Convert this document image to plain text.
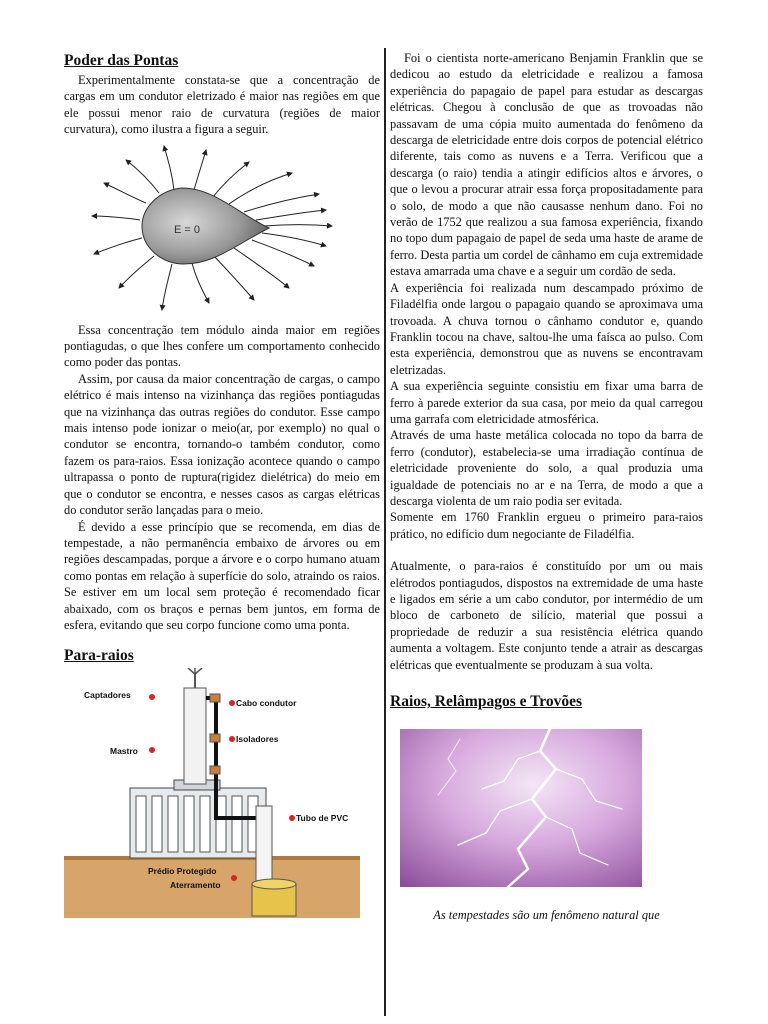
Poder das Pontas

Experimentalmente constata-se que a concentração de cargas em um condutor eletrizado é maior nas regiões em que ele possui menor raio de curvatura (regiões de maior curvatura), como ilustra a figura a seguir.

E = 0

Essa concentração tem módulo ainda maior em regiões pontiagudas, o que lhes confere um comportamento conhecido como poder das pontas.

Assim, por causa da maior concentração de cargas, o campo elétrico é mais intenso na vizinhança das regiões pontiagudas que na vizinhança das outras regiões do condutor. Esse campo mais intenso pode ionizar o meio(ar, por exemplo) no qual o condutor se encontra, tornando-o também condutor, como fazem os para-raios. Essa ionização acontece quando o campo ultrapassa o ponto de ruptura(rigidez dielétrica) do meio em que o condutor se encontra, e nesses casos as cargas elétricas do condutor serão lançadas para o meio.

É devido a esse princípio que se recomenda, em dias de tempestade, a não permanência embaixo de árvores ou em regiões descampadas, porque a árvore e o corpo humano atuam como pontas em relação à superfície do solo, atraindo os raios. Se estiver em um local sem proteção é recomendado ficar abaixado, com os braços e pernas bem juntos, em forma de esfera, evitando que seu corpo funcione como uma ponta.

Para-raios
Captadores
Cabo condutor
Isoladores
Mastro
Tubo de PVC
Prédio Protegido
Aterramento

Foi o cientista norte-americano Benjamin Franklin que se dedicou ao estudo da eletricidade e realizou a famosa experiência do papagaio de papel para estudar as descargas elétricas. Chegou à conclusão de que as trovoadas não passavam de uma cópia muito aumentada do fenômeno da descarga de eletricidade entre dois corpos de potencial elétrico diferente, tais como as nuvens e a Terra. Verificou que a descarga (o raio) tendia a atingir edifícios altos e árvores, o que o levou a procurar atrair essa força propositadamente para o solo, de modo a que não causasse nenhum dano. Foi no verão de 1752 que realizou a sua famosa experiência, fixando no topo dum papagaio de papel de seda uma haste de arame de ferro. Desta partia um cordel de cânhamo em cuja extremidade estava amarrada uma chave e a seguir um cordão de seda.

A experiência foi realizada num descampado próximo de Filadélfia onde largou o papagaio quando se aproximava uma trovoada. A chuva tornou o cânhamo condutor e, quando Franklin tocou na chave, saltou-lhe uma faísca ao pulso. Com esta experiência, demonstrou que as nuvens se encontravam eletrizadas.

A sua experiência seguinte consistiu em fixar uma barra de ferro à parede exterior da sua casa, por meio da qual carregou uma garrafa com eletricidade atmosférica.

Através de uma haste metálica colocada no topo da barra de ferro (condutor), estabelecia-se uma irradiação contínua de eletricidade proveniente do solo, a qual produzia uma igualdade de potenciais no ar e na Terra, de modo a que a descarga violenta de um raio podia ser evitada.

Somente em 1760 Franklin ergueu o primeiro para-raios prático, no edifício dum negociante de Filadélfia.

Atualmente, o para-raios é constituído por um ou mais elétrodos pontiagudos, dispostos na extremidade de uma haste e ligados em série a um cabo condutor, por intermédio de um bloco de carboneto de silício, material que possui a propriedade de reduzir a sua resistência elétrica quando aumenta a voltagem. Este conjunto tende a atrair as descargas elétricas que eventualmente se produzam à sua volta.

Raios, Relâmpagos e Trovões

As tempestades são um fenômeno natural que
